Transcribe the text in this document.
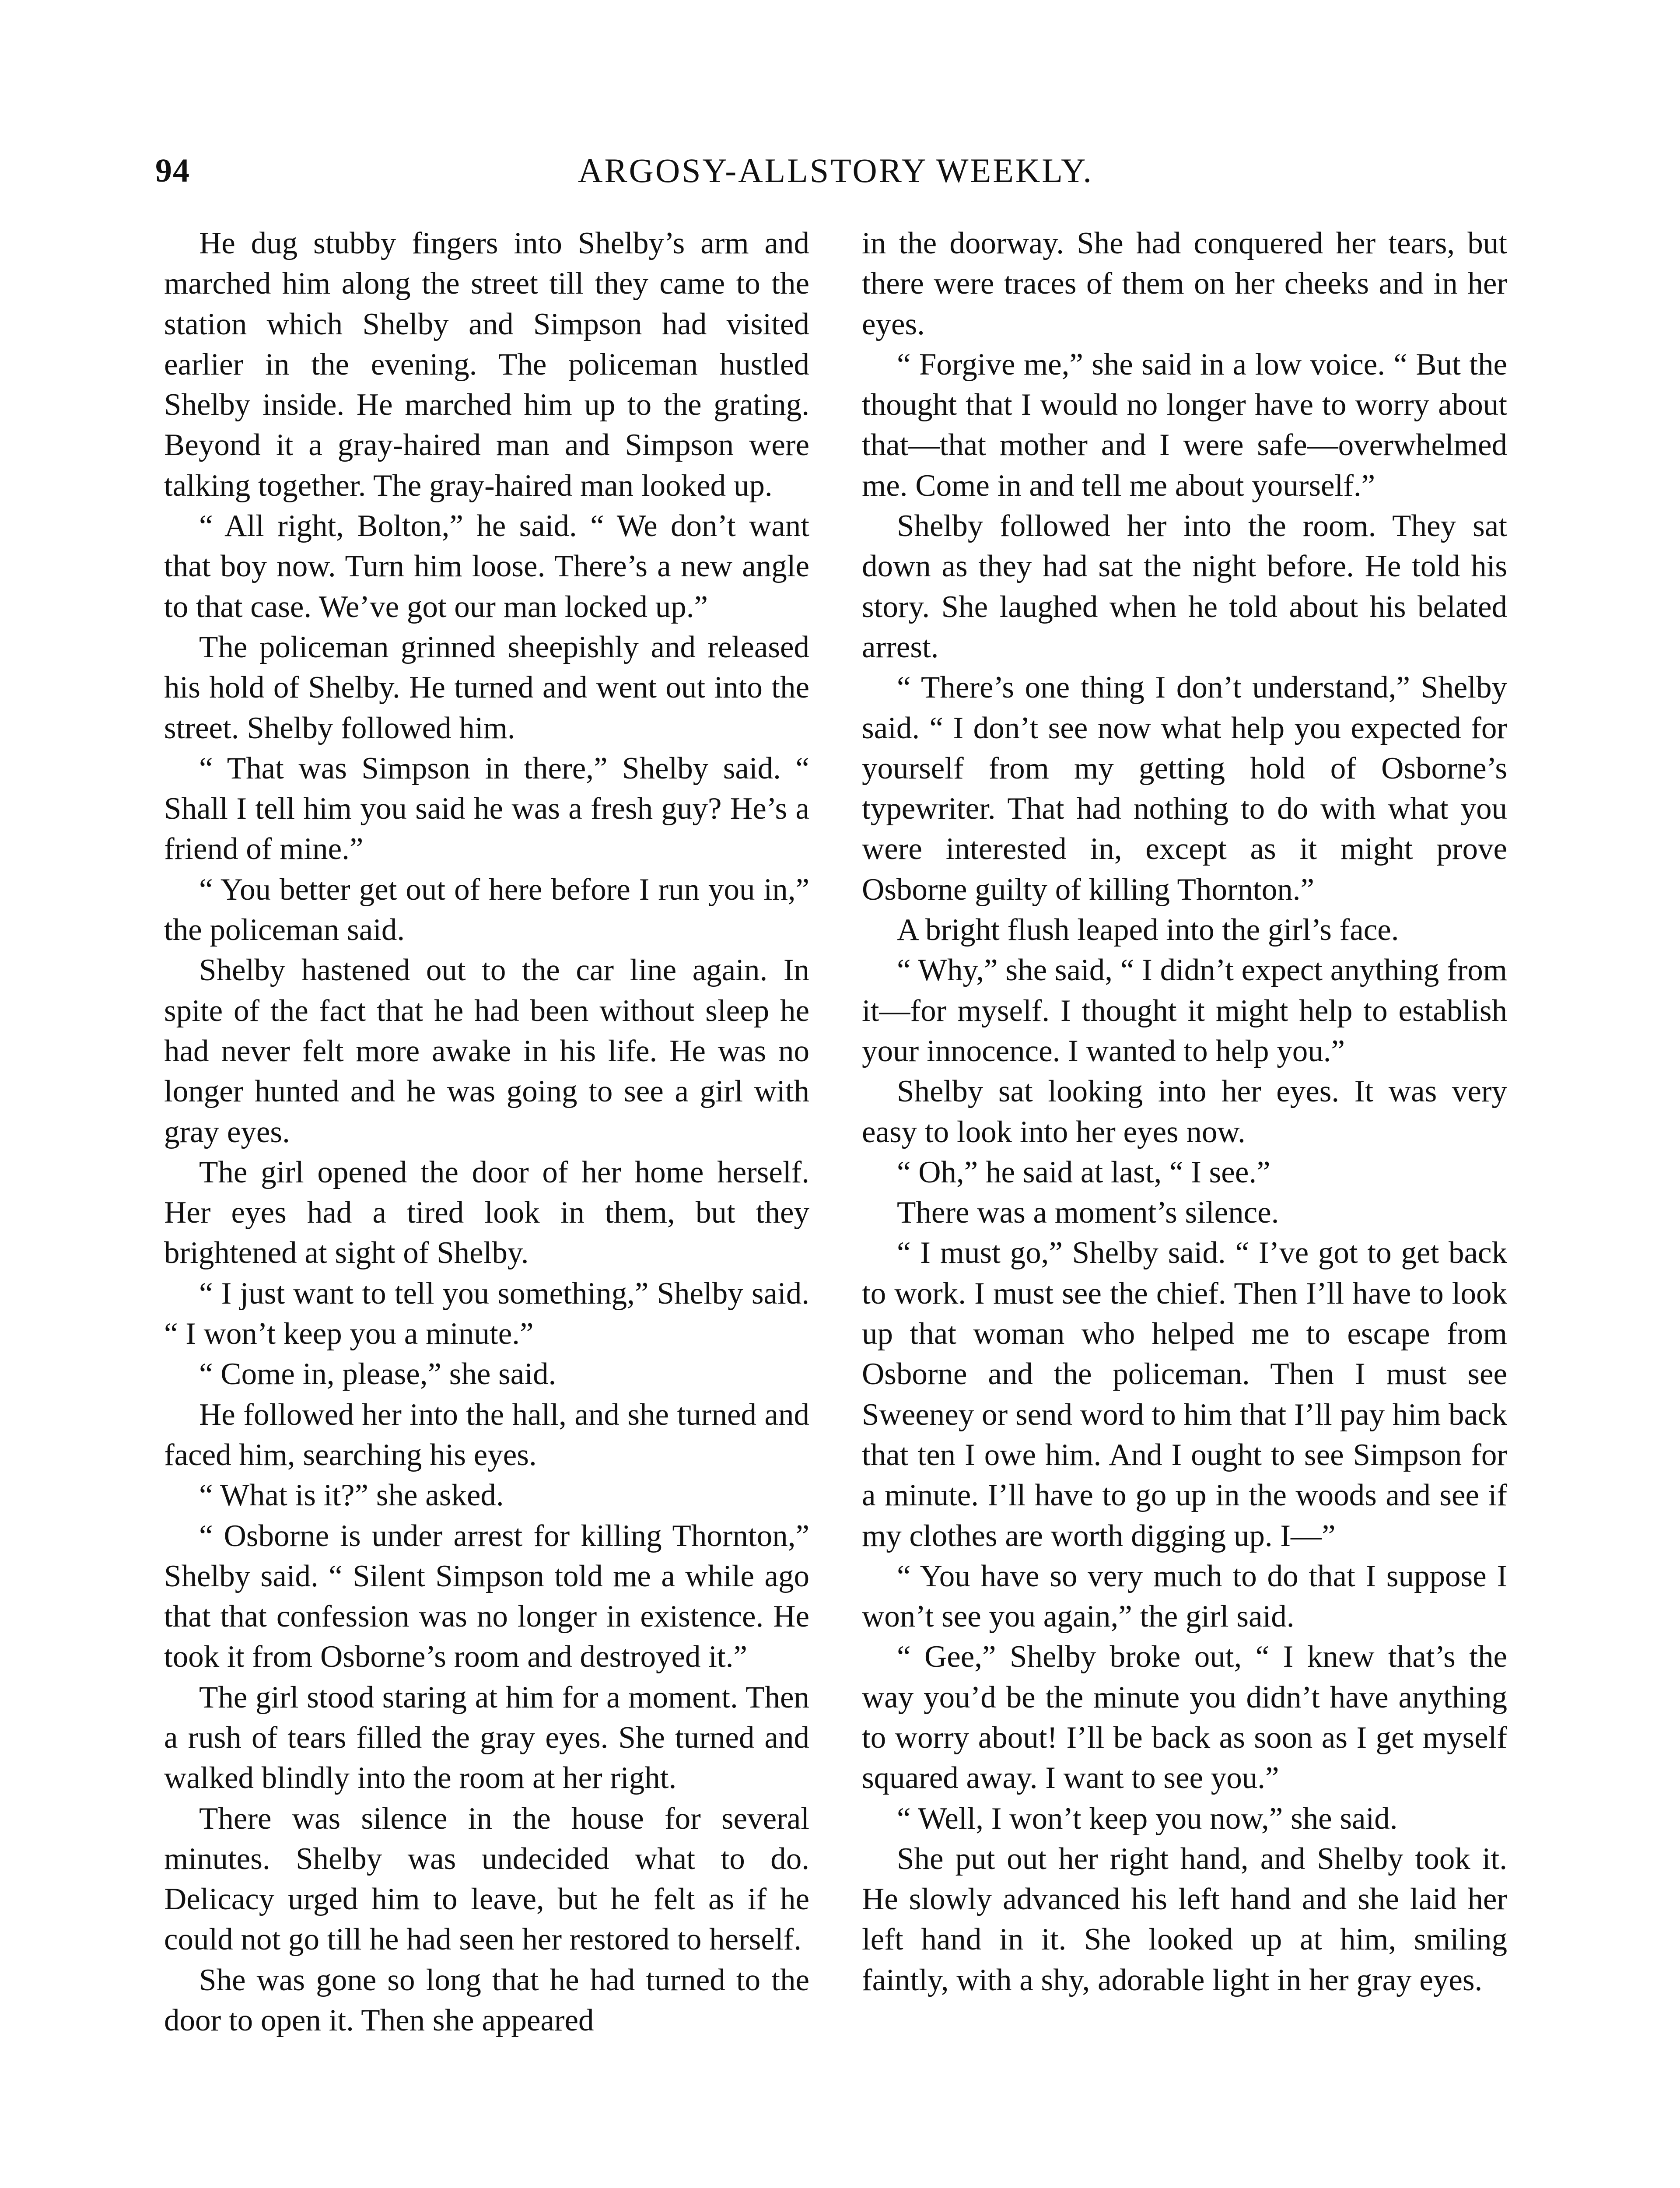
94	ARGOSY-ALLSTORY WEEKLY.

He dug stubby fingers into Shelby’s arm and marched him along the street till they came to the station which Shelby and Simpson had visited earlier in the evening. The policeman hustled Shelby inside. He marched him up to the grating. Beyond it a gray-haired man and Simpson were talking together. The gray-haired man looked up.

“ All right, Bolton,” he said. “ We don’t want that boy now. Turn him loose. There’s a new angle to that case. We’ve got our man locked up.”

The policeman grinned sheepishly and released his hold of Shelby. He turned and went out into the street. Shelby followed him.

“ That was Simpson in there,” Shelby said. “ Shall I tell him you said he was a fresh guy? He’s a friend of mine.”

“ You better get out of here before I run you in,” the policeman said.

Shelby hastened out to the car line again. In spite of the fact that he had been without sleep he had never felt more awake in his life. He was no longer hunted and he was going to see a girl with gray eyes.

The girl opened the door of her home herself. Her eyes had a tired look in them, but they brightened at sight of Shelby.

“ I just want to tell you something,” Shelby said. “ I won’t keep you a minute.”

“ Come in, please,” she said.

He followed her into the hall, and she turned and faced him, searching his eyes.

“ What is it?” she asked.

“ Osborne is under arrest for killing Thornton,” Shelby said. “ Silent Simpson told me a while ago that that confession was no longer in existence. He took it from Osborne’s room and destroyed it.”

The girl stood staring at him for a moment. Then a rush of tears filled the gray eyes. She turned and walked blindly into the room at her right.

There was silence in the house for several minutes. Shelby was undecided what to do. Delicacy urged him to leave, but he felt as if he could not go till he had seen her restored to herself.

She was gone so long that he had turned to the door to open it. Then she appeared

in the doorway. She had conquered her tears, but there were traces of them on her cheeks and in her eyes.

“ Forgive me,” she said in a low voice. “ But the thought that I would no longer have to worry about that—that mother and I were safe—overwhelmed me. Come in and tell me about yourself.”

Shelby followed her into the room. They sat down as they had sat the night before. He told his story. She laughed when he told about his belated arrest.

“ There’s one thing I don’t understand,” Shelby said. “ I don’t see now what help you expected for yourself from my getting hold of Osborne’s typewriter. That had nothing to do with what you were interested in, except as it might prove Osborne guilty of killing Thornton.”

A bright flush leaped into the girl’s face.

“ Why,” she said, “ I didn’t expect anything from it—for myself. I thought it might help to establish your innocence. I wanted to help you.”

Shelby sat looking into her eyes. It was very easy to look into her eyes now.

“ Oh,” he said at last, “ I see.”

There was a moment’s silence.

“ I must go,” Shelby said. “ I’ve got to get back to work. I must see the chief. Then I’ll have to look up that woman who helped me to escape from Osborne and the policeman. Then I must see Sweeney or send word to him that I’ll pay him back that ten I owe him. And I ought to see Simpson for a minute. I’ll have to go up in the woods and see if my clothes are worth digging up. I—”

“ You have so very much to do that I suppose I won’t see you again,” the girl said.

“ Gee,” Shelby broke out, “ I knew that’s the way you’d be the minute you didn’t have anything to worry about! I’ll be back as soon as I get myself squared away. I want to see you.”

“ Well, I won’t keep you now,” she said.

She put out her right hand, and Shelby took it. He slowly advanced his left hand and she laid her left hand in it. She looked up at him, smiling faintly, with a shy, adorable light in her gray eyes.
